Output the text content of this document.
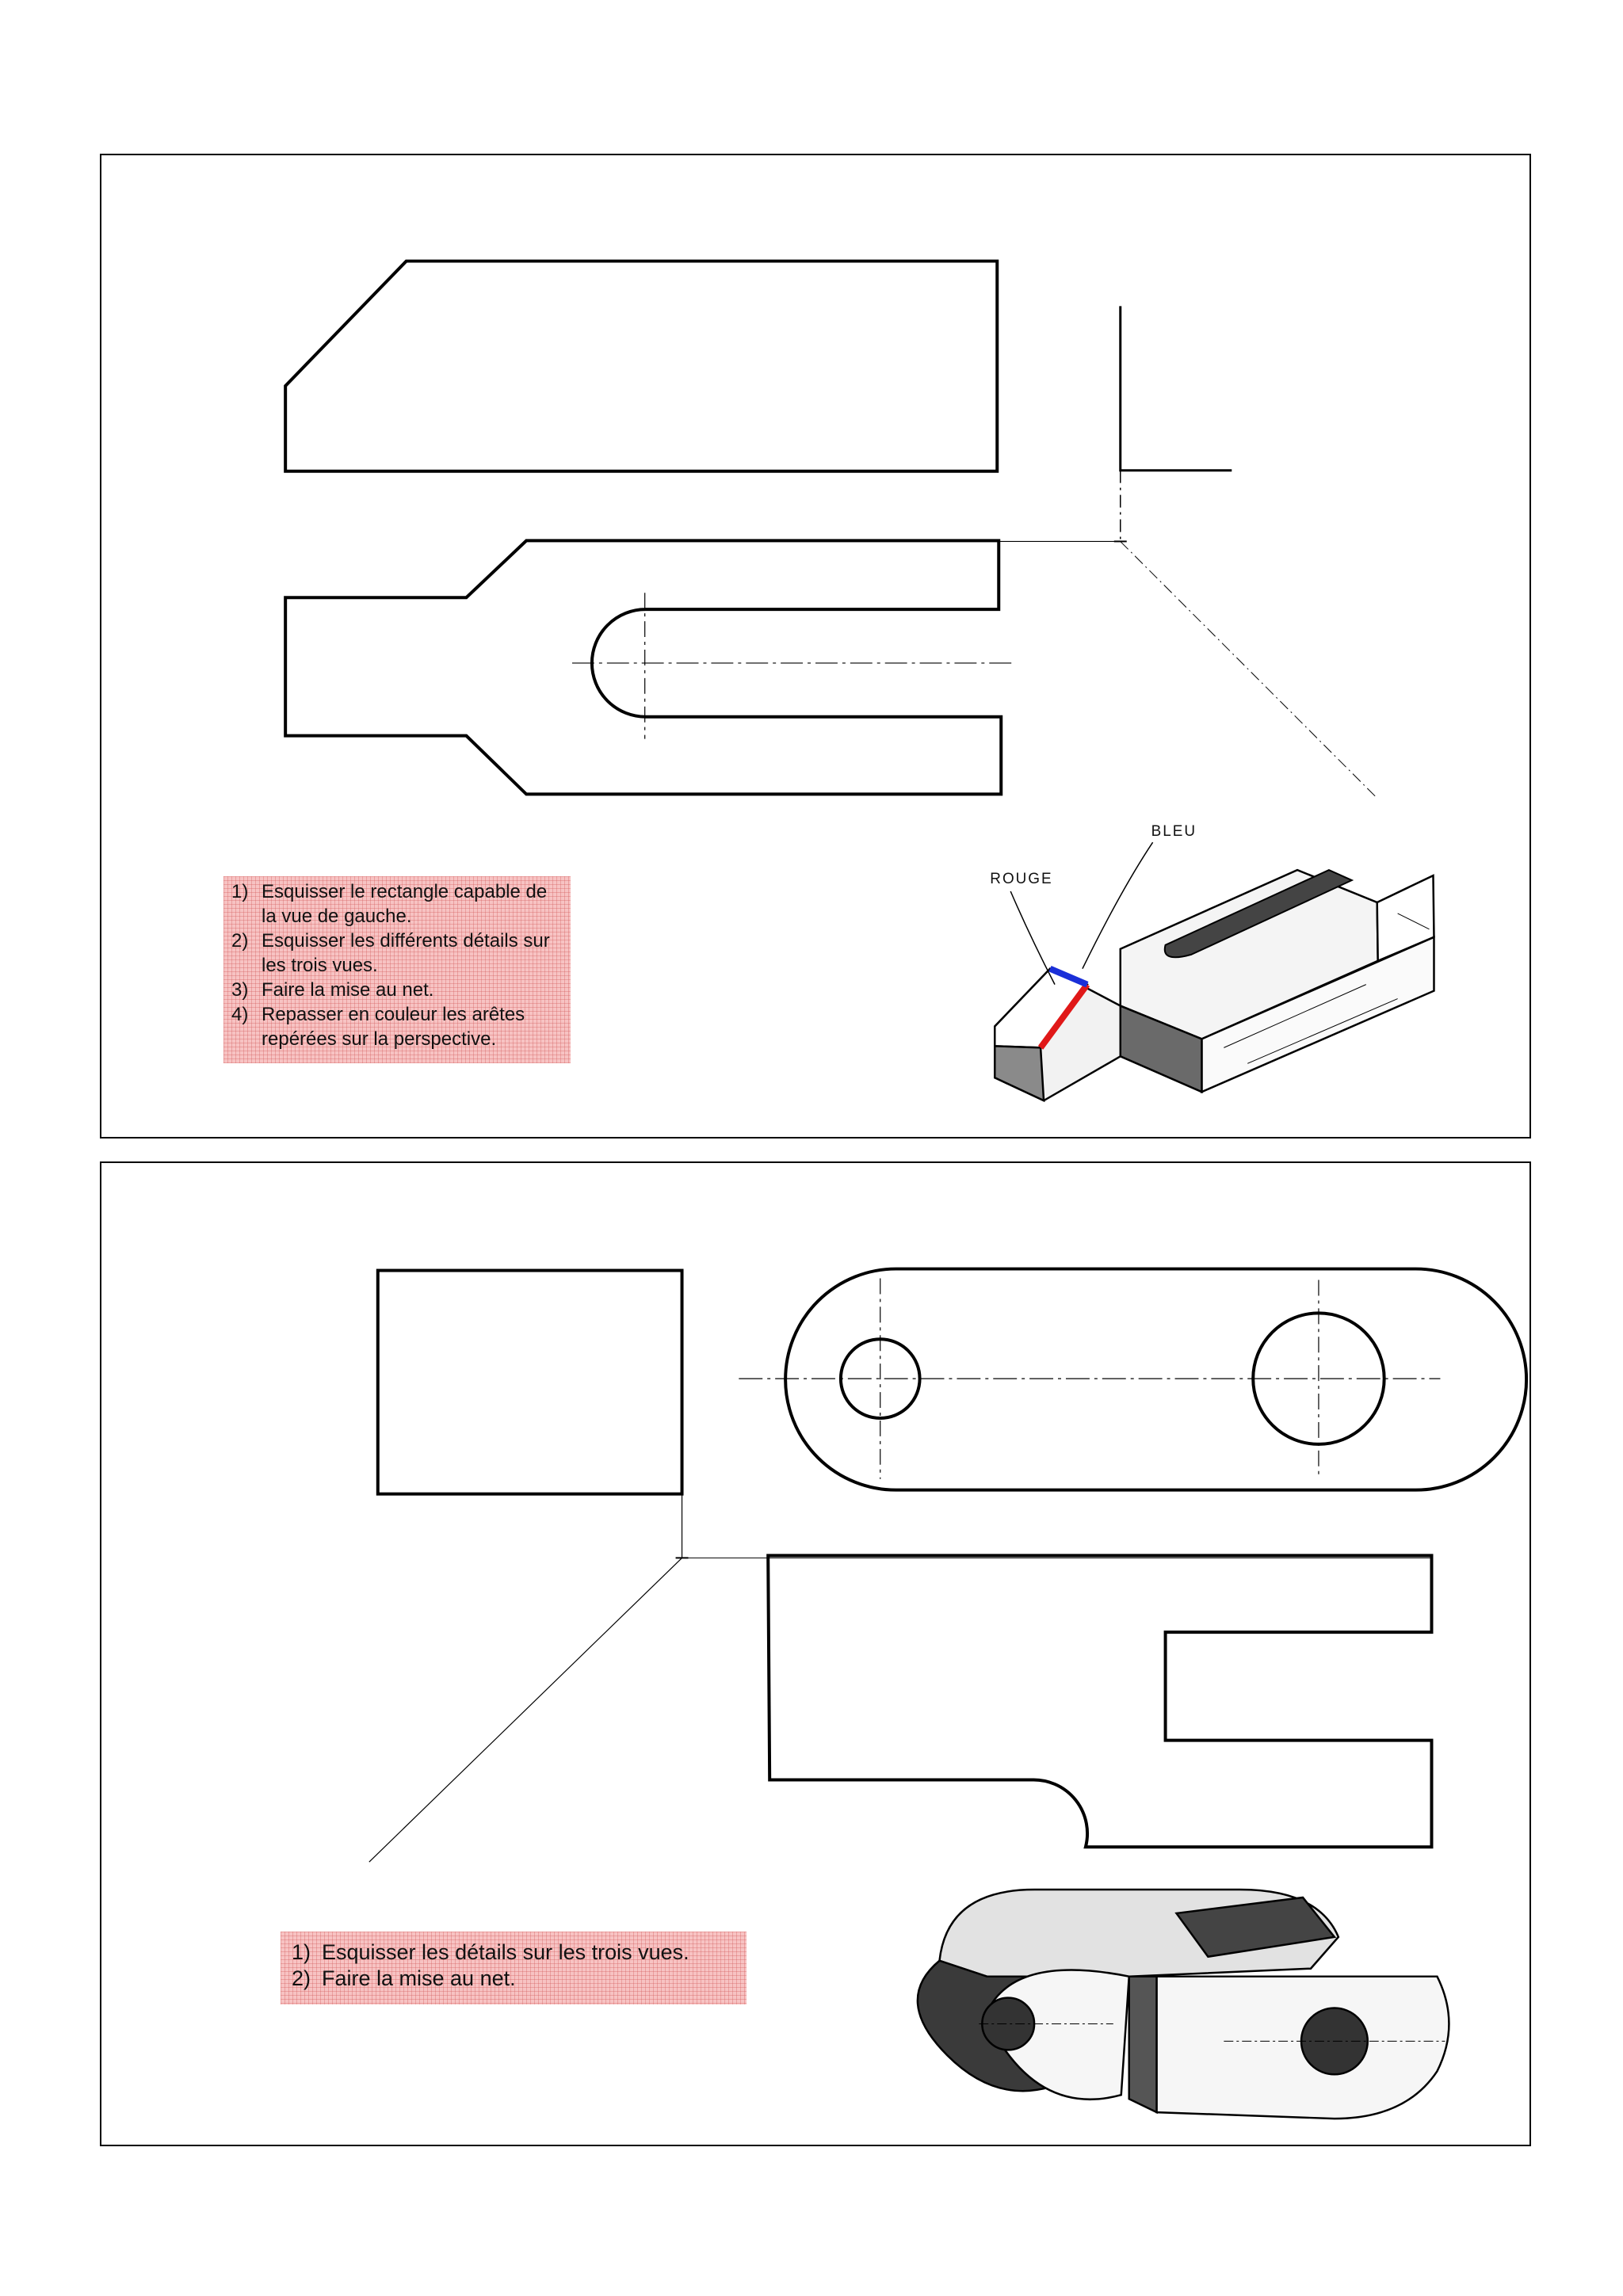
ROUGE
BLEU
1) Esquisser le rectangle capable de la vue de gauche.
2) Esquisser les différents détails sur les trois vues.
3) Faire la mise au net.
4) Repasser en couleur les arêtes repérées sur la perspective.
1) Esquisser les détails sur les trois vues.
2) Faire la mise au net.
